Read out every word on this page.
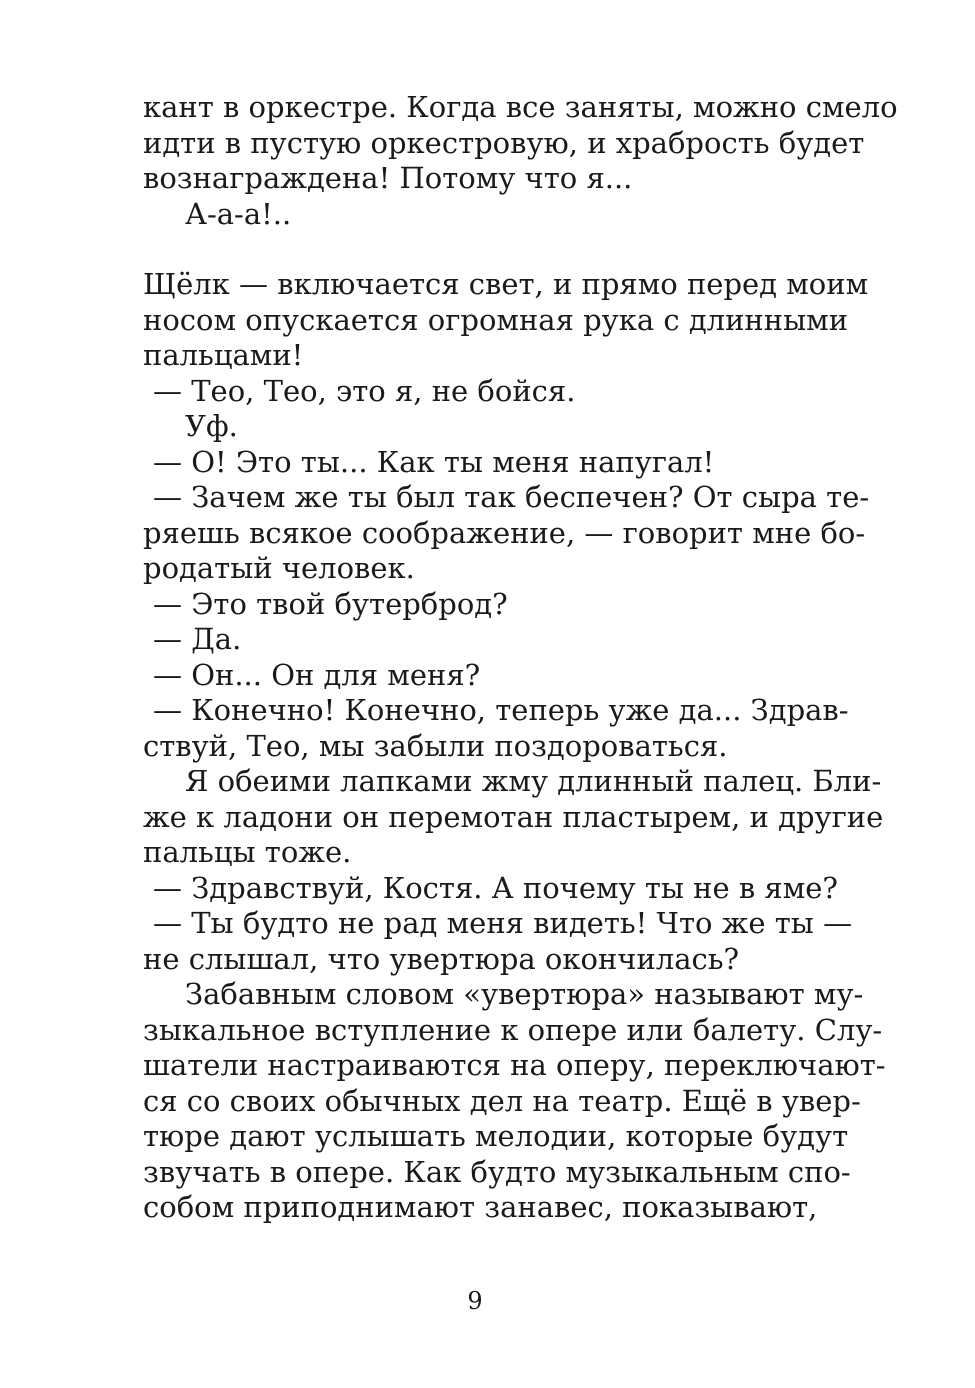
кант в оркестре. Когда все заняты, можно смело
идти в пустую оркестровую, и храбрость будет
вознаграждена! Потому что я...
А-а-а!..
Щёлк — включается свет, и прямо перед моим
носом опускается огромная рука с длинными
пальцами!
— Тео, Тео, это я, не бойся.
Уф.
— О! Это ты... Как ты меня напугал!
— Зачем же ты был так беспечен? От сыра те-
ряешь всякое соображение, — говорит мне бо-
родатый человек.
— Это твой бутерброд?
— Да.
— Он... Он для меня?
— Конечно! Конечно, теперь уже да... Здрав-
ствуй, Тео, мы забыли поздороваться.
Я обеими лапками жму длинный палец. Бли-
же к ладони он перемотан пластырем, и другие
пальцы тоже.
— Здравствуй, Костя. А почему ты не в яме?
— Ты будто не рад меня видеть! Что же ты —
не слышал, что увертюра окончилась?
Забавным словом «увертюра» называют му-
зыкальное вступление к опере или балету. Слу-
шатели настраиваются на оперу, переключают-
ся со своих обычных дел на театр. Ещё в увер-
тюре дают услышать мелодии, которые будут
звучать в опере. Как будто музыкальным спо-
собом приподнимают занавес, показывают,
9
